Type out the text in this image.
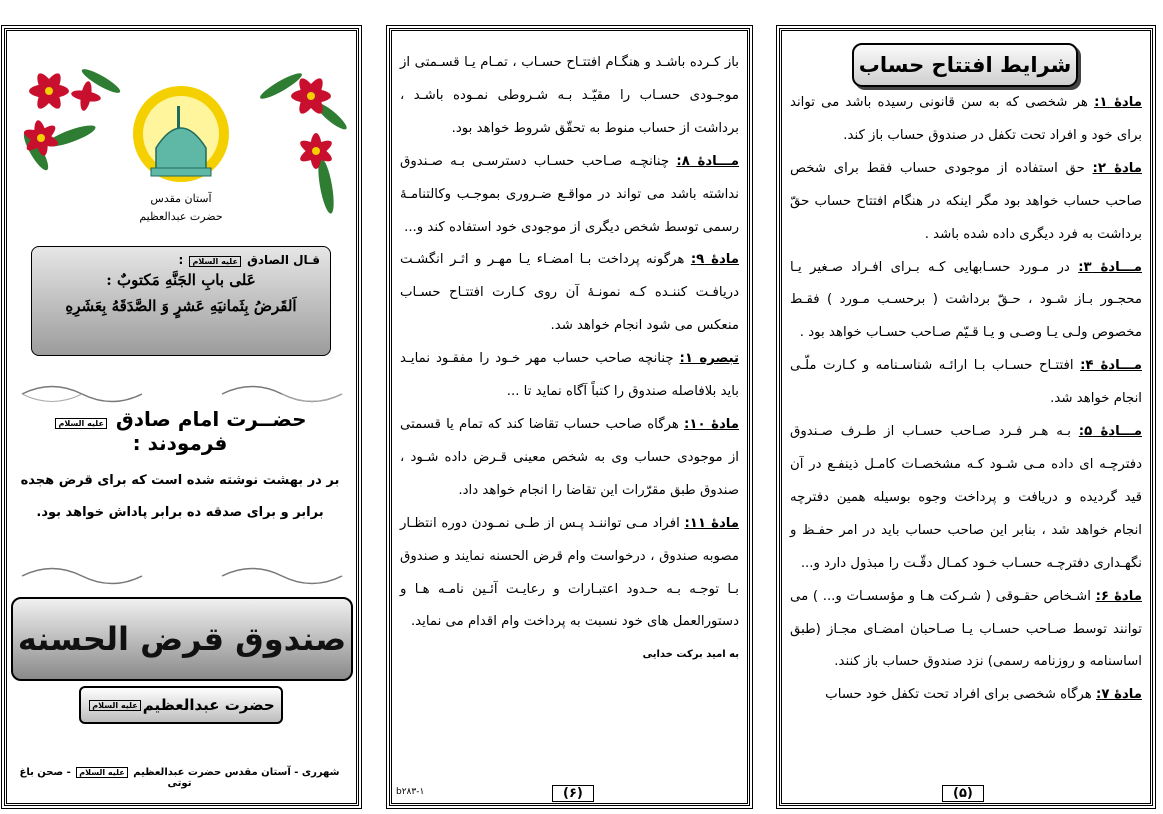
شرایط افتتاح حساب
مادۀ ۱: هر شخصی که به سن قانونی رسیده باشد می تواند برای خود و افراد تحت تکفل در صندوق حساب باز کند.
مادۀ ۲: حق استفاده از موجودی حساب فقط برای شخص صاحب حساب خواهد بود مگر اینکه در هنگام افتتاح حساب حقّ برداشت به فرد دیگری داده شده باشد .
مـــادۀ ۳: در مـورد حسـابهایی کـه بـرای افـراد صـغیر یـا محجـور بـاز شـود ، حـقّ برداشت ( برحسـب مـورد ) فقـط مخصوص ولـی یـا وصـی و یـا قـیّم صـاحب حسـاب خواهد بود .
مـــادۀ ۴: افتتـاح حسـاب بـا ارائـه شناسـنامه و کـارت ملّـی انجام خواهد شد.
مـــادۀ ۵: بـه هـر فـرد صـاحب حسـاب از طـرف صـندوق دفترچـه ای داده مـی شـود کـه مشخصـات کامـل ذینفـع در آن قید گردیده و دریافت و پرداخت وجوه بوسیله همین دفترچه انجام خواهد شد ، بنابر این صاحب حساب باید در امر حفـظ و نگهـداری دفترچـه حسـاب خـود کمـال دقّـت را مبذول دارد و...
مادۀ ۶: اشـخاص حقـوقی ( شـرکت هـا و مؤسسـات و... ) می توانند توسط صـاحب حسـاب یـا صـاحبان امضـای مجـاز (طبق اساسنامه و روزنامه رسمی) نزد صندوق حساب باز کنند.
مادۀ ۷: هرگاه شخصی برای افراد تحت تکفل خود حساب
(۵)
باز کـرده باشـد و هنگـام افتتـاح حسـاب ، تمـام یـا قسـمتی از موجـودی حسـاب را مقیّـد بـه شـروطی نمـوده باشـد ، برداشت از حساب منوط به تحقّق شروط خواهد بود.
مـــادۀ ۸: چنانچـه صـاحب حسـاب دسترسـی بـه صـندوق نداشته باشد می تواند در مواقـع ضـروری بموجـب وکالتنامـۀ رسمی توسط شخص دیگری از موجودی خود استفاده کند و...
مادۀ ۹: هرگونه پرداخت بـا امضـاء یـا مهـر و اثـر انگشـت دریافـت کننـده کـه نمونـۀ آن روی کـارت افتتـاح حسـاب منعکس می شود انجام خواهد شد.
تبصره ۱: چنانچه صاحب حساب مهر خـود را مفقـود نمایـد باید بلافاصله صندوق را کتباً آگاه نماید تا ...
مادۀ ۱۰: هرگاه صاحب حساب تقاضا کند که تمام یا قسمتی از موجودی حساب وی به شخص معینی قـرض داده شـود ، صندوق طبق مقرّرات این تقاضا را انجام خواهد داد.
مادۀ ۱۱: افراد مـی تواننـد پـس از طـی نمـودن دوره انتظـار مصوبه صندوق ، درخواست وام قرض الحسنه نمایند و صندوق بـا توجـه بـه حـدود اعتبـارات و رعایـت آئـین نامـه هـا و دستورالعمل های خود نسبت به پرداخت وام اقدام می نماید.
به امید برکت خدایی
(۶)
b۲۸۳-۱
آستان مقدس
حضرت عبدالعظیم
قـال الصادق علیه السلام :
عَلی بابِ الجَنَّهِ مَکتوبٌ :
اَلقَرضُ بِثَمانیَهِ عَشرٍ وَ الصَّدَقَهُ بِعَشَرِهِ
حضــرت امام صادق علیه السلام فرمودند :
بر در بهشت نوشته شده است که برای قرض هجده برابر و برای صدقه ده برابر پاداش خواهد بود.
صندوق قرض الحسنه
حضرت عبدالعظیم
علیه السلام
شهرری - آستان مقدس حضرت عبدالعظیم علیه السلام - صحن باغ توتی
